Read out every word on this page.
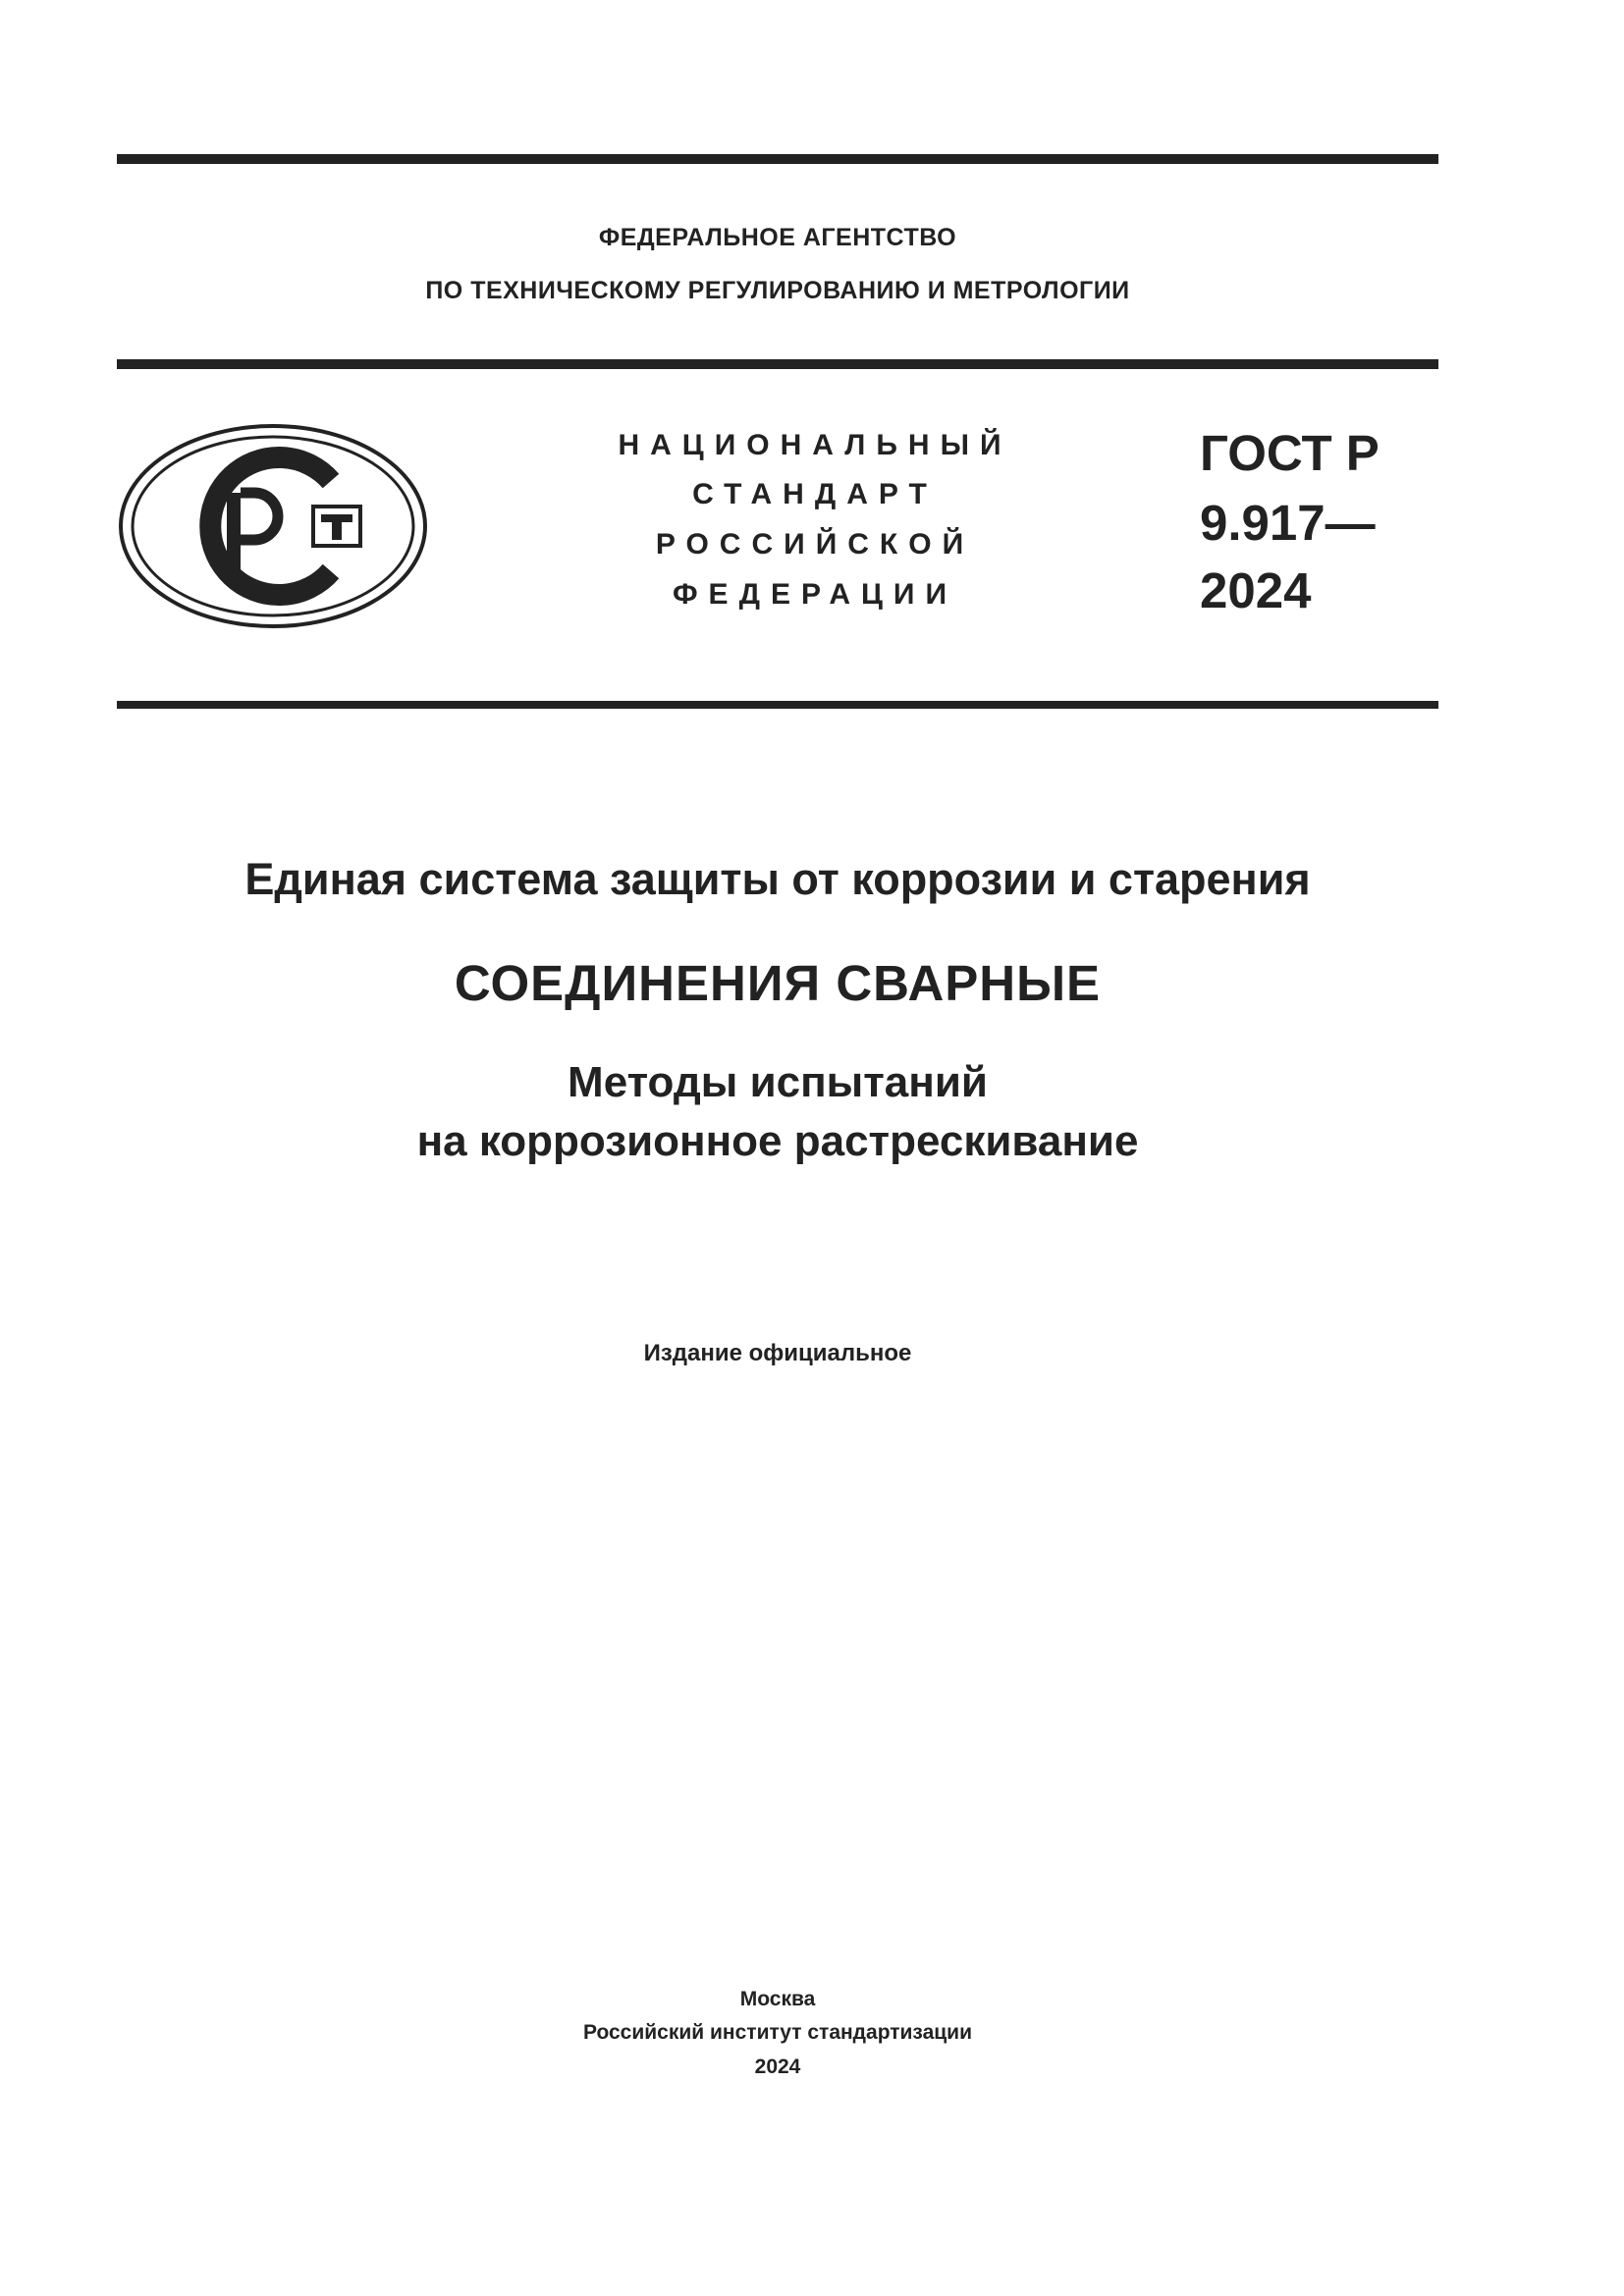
ФЕДЕРАЛЬНОЕ АГЕНТСТВО
ПО ТЕХНИЧЕСКОМУ РЕГУЛИРОВАНИЮ И МЕТРОЛОГИИ
НАЦИОНАЛЬНЫЙ
СТАНДАРТ
РОССИЙСКОЙ
ФЕДЕРАЦИИ
ГОСТ Р
9.917—
2024
Единая система защиты от коррозии и старения
СОЕДИНЕНИЯ СВАРНЫЕ
Методы испытаний
на коррозионное растрескивание
Издание официальное
Москва
Российский институт стандартизации
2024
